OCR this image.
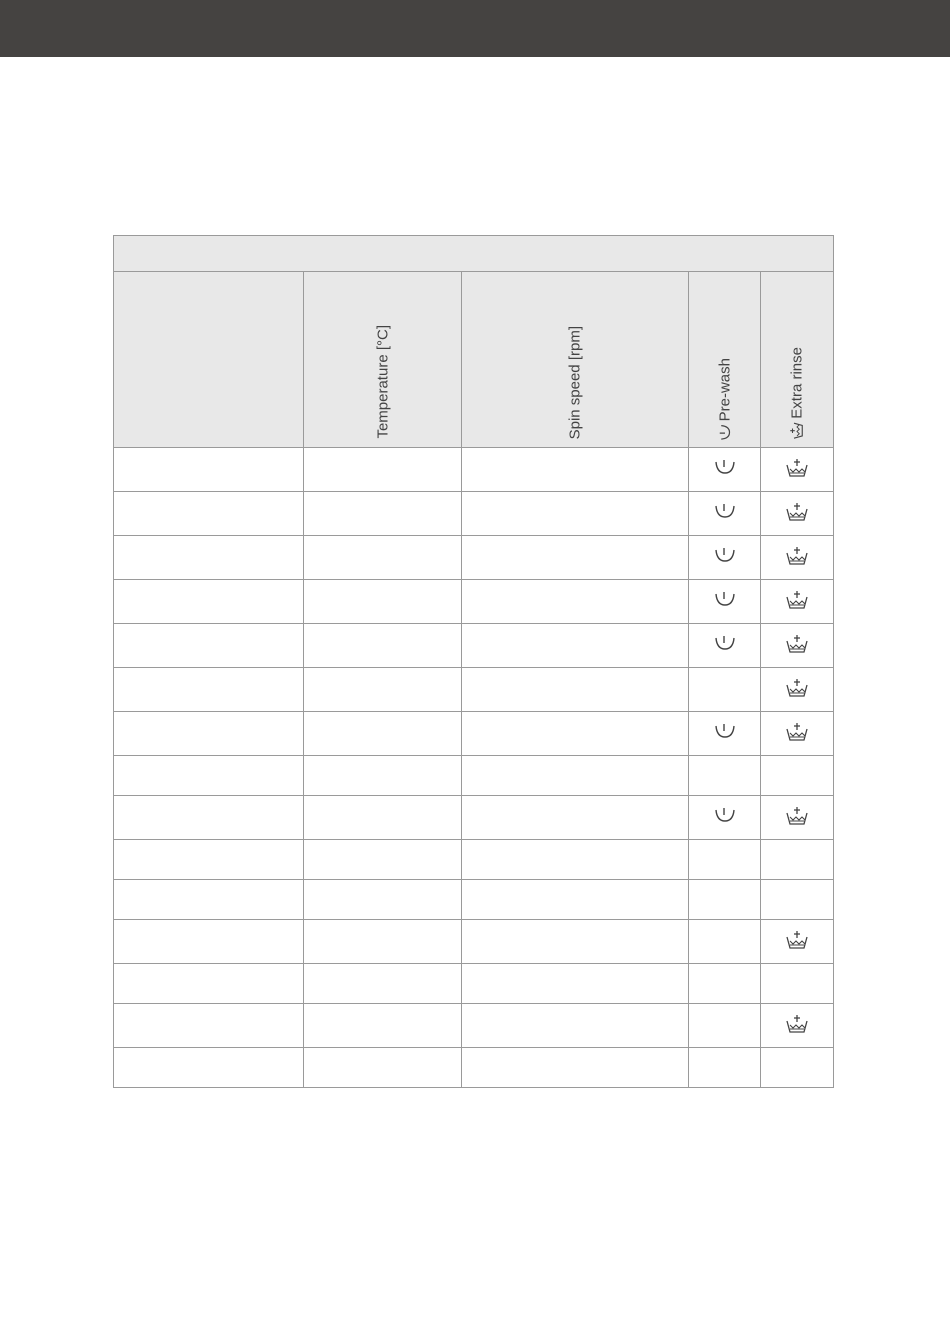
	Temperature [°C]	Spin speed [rpm]	Pre-wash	Extra rinse
